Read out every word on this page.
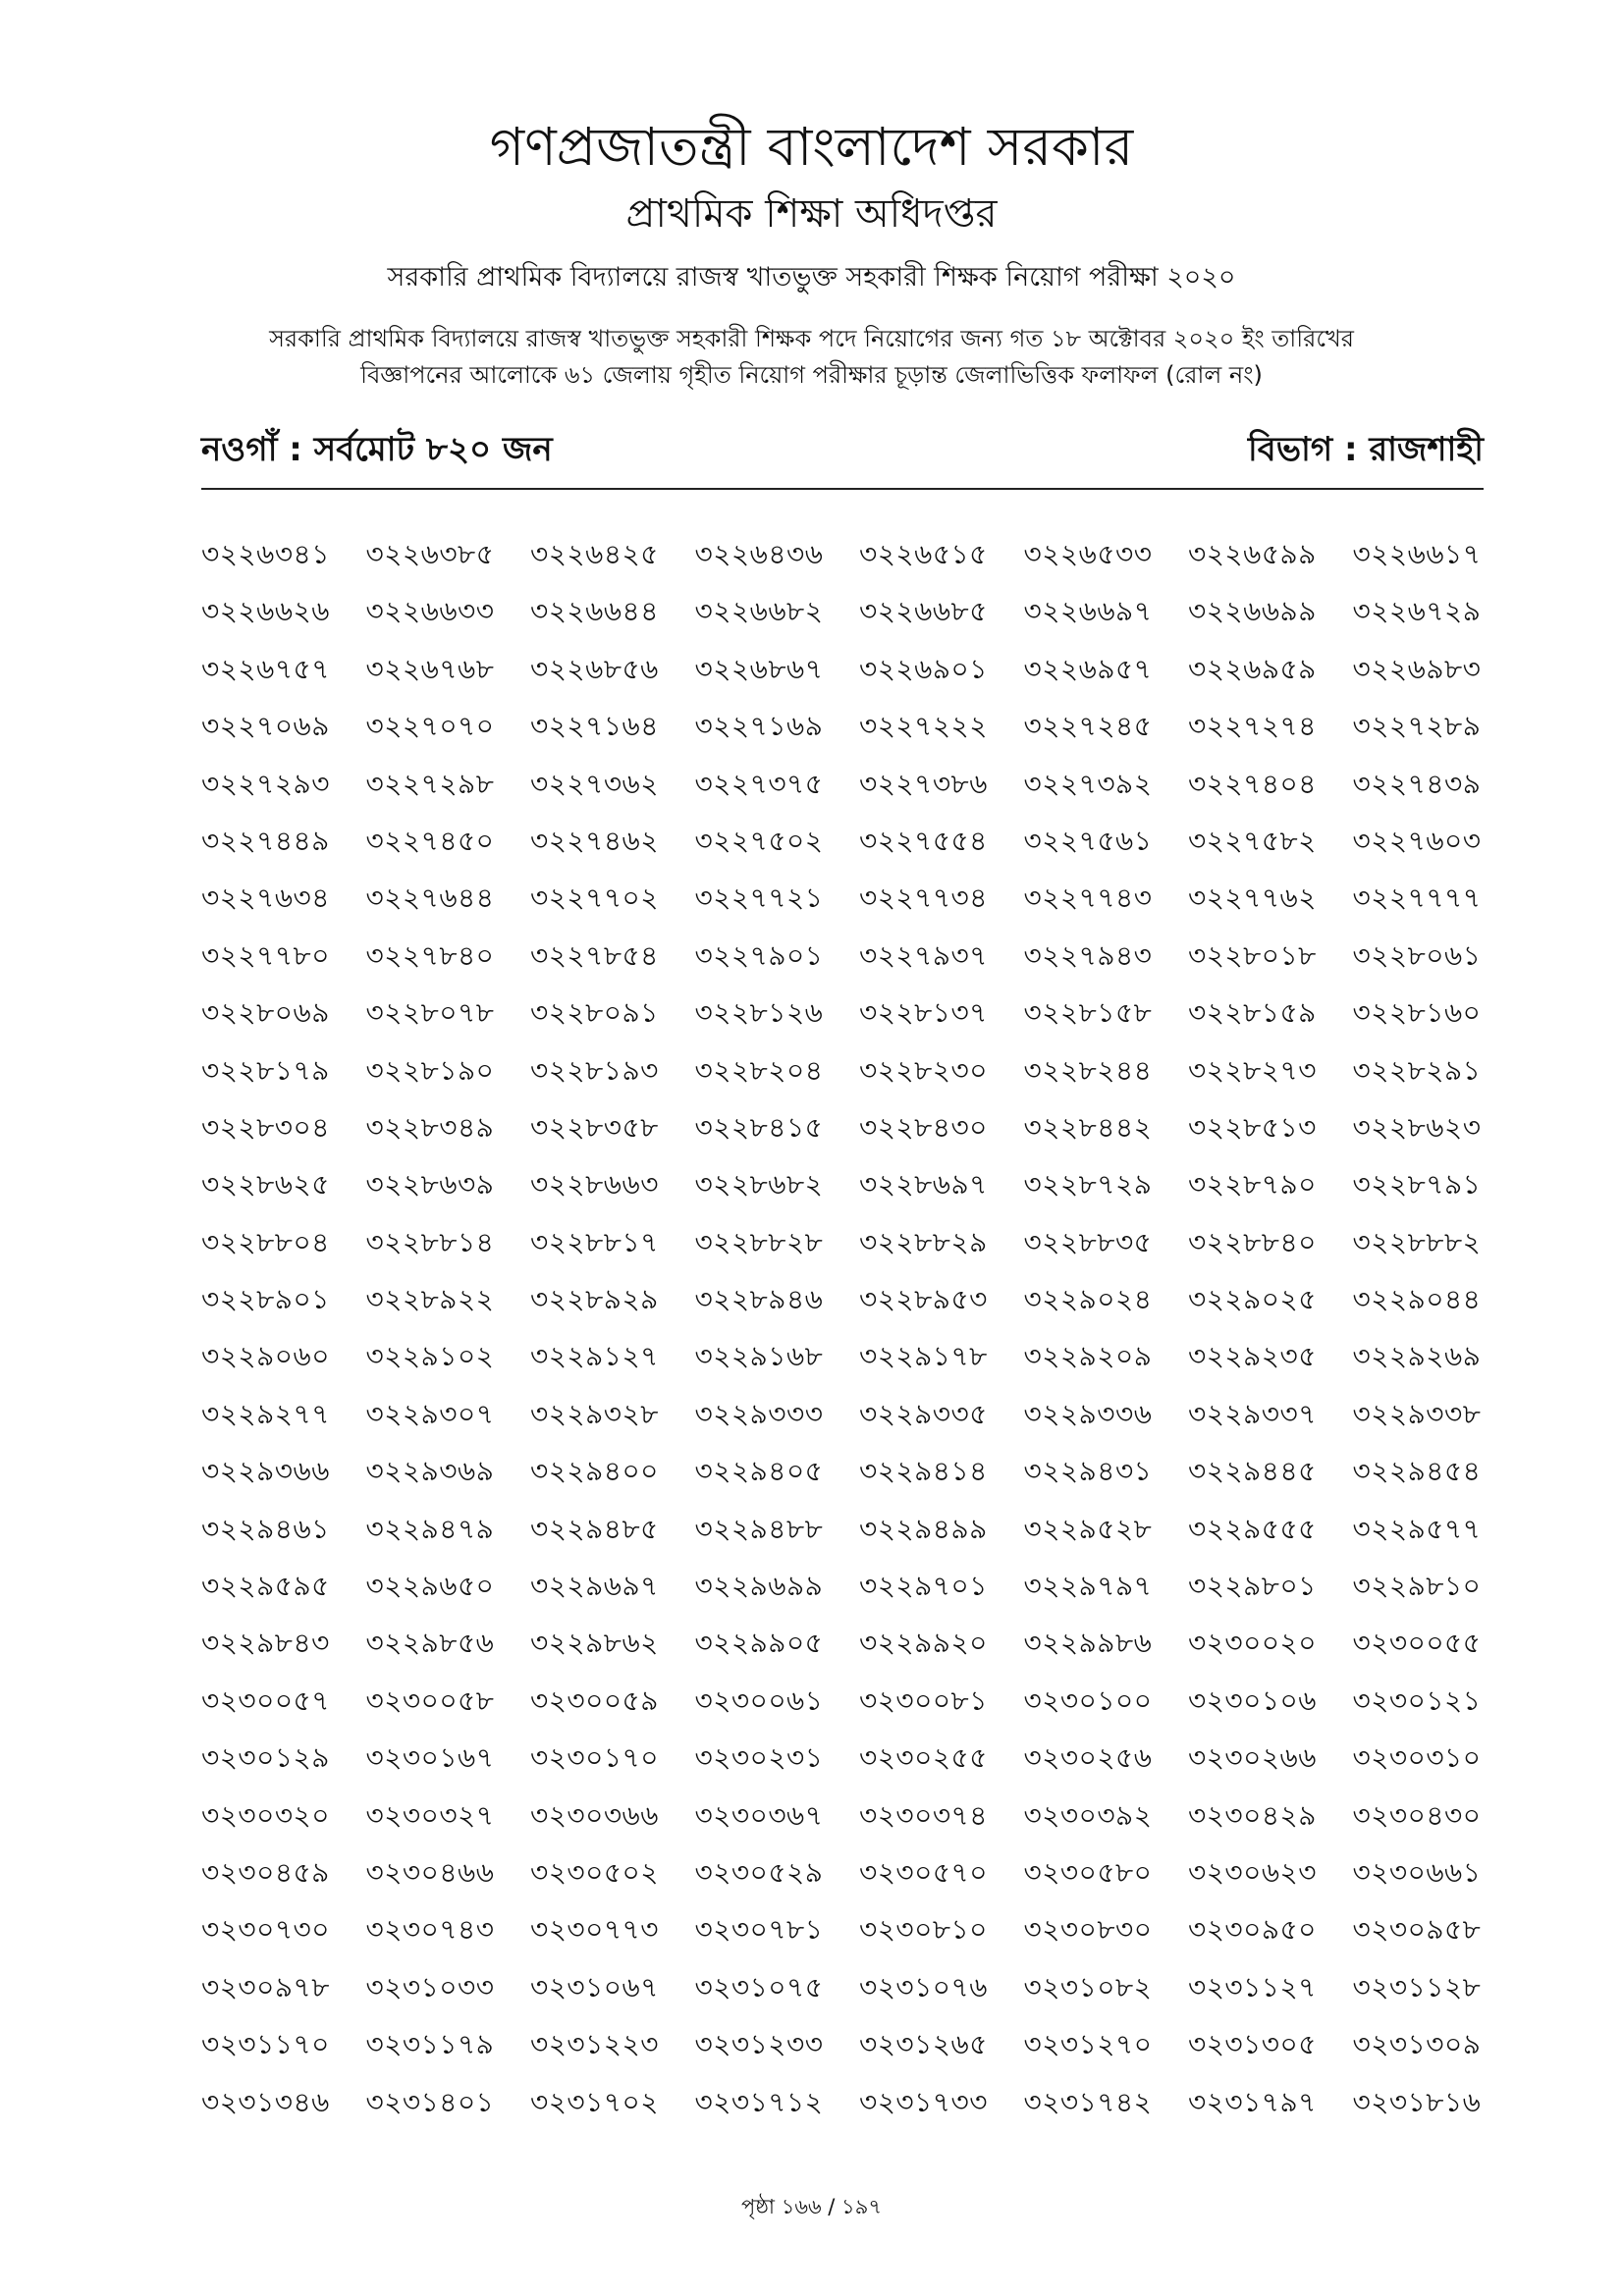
গণপ্রজাতন্ত্রী বাংলাদেশ সরকার
প্রাথমিক শিক্ষা অধিদপ্তর
সরকারি প্রাথমিক বিদ্যালয়ে রাজস্ব খাতভুক্ত সহকারী শিক্ষক নিয়োগ পরীক্ষা ২০২০
সরকারি প্রাথমিক বিদ্যালয়ে রাজস্ব খাতভুক্ত সহকারী শিক্ষক পদে নিয়োগের জন্য গত ১৮ অক্টোবর ২০২০ ইং তারিখের
বিজ্ঞাপনের আলোকে ৬১ জেলায় গৃহীত নিয়োগ পরীক্ষার চূড়ান্ত জেলাভিত্তিক ফলাফল (রোল নং)
নওগাঁ : সর্বমোট ৮২০ জন	বিভাগ : রাজশাহী
৩২২৬৩৪১	৩২২৬৩৮৫	৩২২৬৪২৫	৩২২৬৪৩৬	৩২২৬৫১৫	৩২২৬৫৩৩	৩২২৬৫৯৯	৩২২৬৬১৭
৩২২৬৬২৬	৩২২৬৬৩৩	৩২২৬৬৪৪	৩২২৬৬৮২	৩২২৬৬৮৫	৩২২৬৬৯৭	৩২২৬৬৯৯	৩২২৬৭২৯
৩২২৬৭৫৭	৩২২৬৭৬৮	৩২২৬৮৫৬	৩২২৬৮৬৭	৩২২৬৯০১	৩২২৬৯৫৭	৩২২৬৯৫৯	৩২২৬৯৮৩
৩২২৭০৬৯	৩২২৭০৭০	৩২২৭১৬৪	৩২২৭১৬৯	৩২২৭২২২	৩২২৭২৪৫	৩২২৭২৭৪	৩২২৭২৮৯
৩২২৭২৯৩	৩২২৭২৯৮	৩২২৭৩৬২	৩২২৭৩৭৫	৩২২৭৩৮৬	৩২২৭৩৯২	৩২২৭৪০৪	৩২২৭৪৩৯
৩২২৭৪৪৯	৩২২৭৪৫০	৩২২৭৪৬২	৩২২৭৫০২	৩২২৭৫৫৪	৩২২৭৫৬১	৩২২৭৫৮২	৩২২৭৬০৩
৩২২৭৬৩৪	৩২২৭৬৪৪	৩২২৭৭০২	৩২২৭৭২১	৩২২৭৭৩৪	৩২২৭৭৪৩	৩২২৭৭৬২	৩২২৭৭৭৭
৩২২৭৭৮০	৩২২৭৮৪০	৩২২৭৮৫৪	৩২২৭৯০১	৩২২৭৯৩৭	৩২২৭৯৪৩	৩২২৮০১৮	৩২২৮০৬১
৩২২৮০৬৯	৩২২৮০৭৮	৩২২৮০৯১	৩২২৮১২৬	৩২২৮১৩৭	৩২২৮১৫৮	৩২২৮১৫৯	৩২২৮১৬০
৩২২৮১৭৯	৩২২৮১৯০	৩২২৮১৯৩	৩২২৮২০৪	৩২২৮২৩০	৩২২৮২৪৪	৩২২৮২৭৩	৩২২৮২৯১
৩২২৮৩০৪	৩২২৮৩৪৯	৩২২৮৩৫৮	৩২২৮৪১৫	৩২২৮৪৩০	৩২২৮৪৪২	৩২২৮৫১৩	৩২২৮৬২৩
৩২২৮৬২৫	৩২২৮৬৩৯	৩২২৮৬৬৩	৩২২৮৬৮২	৩২২৮৬৯৭	৩২২৮৭২৯	৩২২৮৭৯০	৩২২৮৭৯১
৩২২৮৮০৪	৩২২৮৮১৪	৩২২৮৮১৭	৩২২৮৮২৮	৩২২৮৮২৯	৩২২৮৮৩৫	৩২২৮৮৪০	৩২২৮৮৮২
৩২২৮৯০১	৩২২৮৯২২	৩২২৮৯২৯	৩২২৮৯৪৬	৩২২৮৯৫৩	৩২২৯০২৪	৩২২৯০২৫	৩২২৯০৪৪
৩২২৯০৬০	৩২২৯১০২	৩২২৯১২৭	৩২২৯১৬৮	৩২২৯১৭৮	৩২২৯২০৯	৩২২৯২৩৫	৩২২৯২৬৯
৩২২৯২৭৭	৩২২৯৩০৭	৩২২৯৩২৮	৩২২৯৩৩৩	৩২২৯৩৩৫	৩২২৯৩৩৬	৩২২৯৩৩৭	৩২২৯৩৩৮
৩২২৯৩৬৬	৩২২৯৩৬৯	৩২২৯৪০০	৩২২৯৪০৫	৩২২৯৪১৪	৩২২৯৪৩১	৩২২৯৪৪৫	৩২২৯৪৫৪
৩২২৯৪৬১	৩২২৯৪৭৯	৩২২৯৪৮৫	৩২২৯৪৮৮	৩২২৯৪৯৯	৩২২৯৫২৮	৩২২৯৫৫৫	৩২২৯৫৭৭
৩২২৯৫৯৫	৩২২৯৬৫০	৩২২৯৬৯৭	৩২২৯৬৯৯	৩২২৯৭০১	৩২২৯৭৯৭	৩২২৯৮০১	৩২২৯৮১০
৩২২৯৮৪৩	৩২২৯৮৫৬	৩২২৯৮৬২	৩২২৯৯০৫	৩২২৯৯২০	৩২২৯৯৮৬	৩২৩০০২০	৩২৩০০৫৫
৩২৩০০৫৭	৩২৩০০৫৮	৩২৩০০৫৯	৩২৩০০৬১	৩২৩০০৮১	৩২৩০১০০	৩২৩০১০৬	৩২৩০১২১
৩২৩০১২৯	৩২৩০১৬৭	৩২৩০১৭০	৩২৩০২৩১	৩২৩০২৫৫	৩২৩০২৫৬	৩২৩০২৬৬	৩২৩০৩১০
৩২৩০৩২০	৩২৩০৩২৭	৩২৩০৩৬৬	৩২৩০৩৬৭	৩২৩০৩৭৪	৩২৩০৩৯২	৩২৩০৪২৯	৩২৩০৪৩০
৩২৩০৪৫৯	৩২৩০৪৬৬	৩২৩০৫০২	৩২৩০৫২৯	৩২৩০৫৭০	৩২৩০৫৮০	৩২৩০৬২৩	৩২৩০৬৬১
৩২৩০৭৩০	৩২৩০৭৪৩	৩২৩০৭৭৩	৩২৩০৭৮১	৩২৩০৮১০	৩২৩০৮৩০	৩২৩০৯৫০	৩২৩০৯৫৮
৩২৩০৯৭৮	৩২৩১০৩৩	৩২৩১০৬৭	৩২৩১০৭৫	৩২৩১০৭৬	৩২৩১০৮২	৩২৩১১২৭	৩২৩১১২৮
৩২৩১১৭০	৩২৩১১৭৯	৩২৩১২২৩	৩২৩১২৩৩	৩২৩১২৬৫	৩২৩১২৭০	৩২৩১৩০৫	৩২৩১৩০৯
৩২৩১৩৪৬	৩২৩১৪০১	৩২৩১৭০২	৩২৩১৭১২	৩২৩১৭৩৩	৩২৩১৭৪২	৩২৩১৭৯৭	৩২৩১৮১৬
পৃষ্ঠা ১৬৬ / ১৯৭
